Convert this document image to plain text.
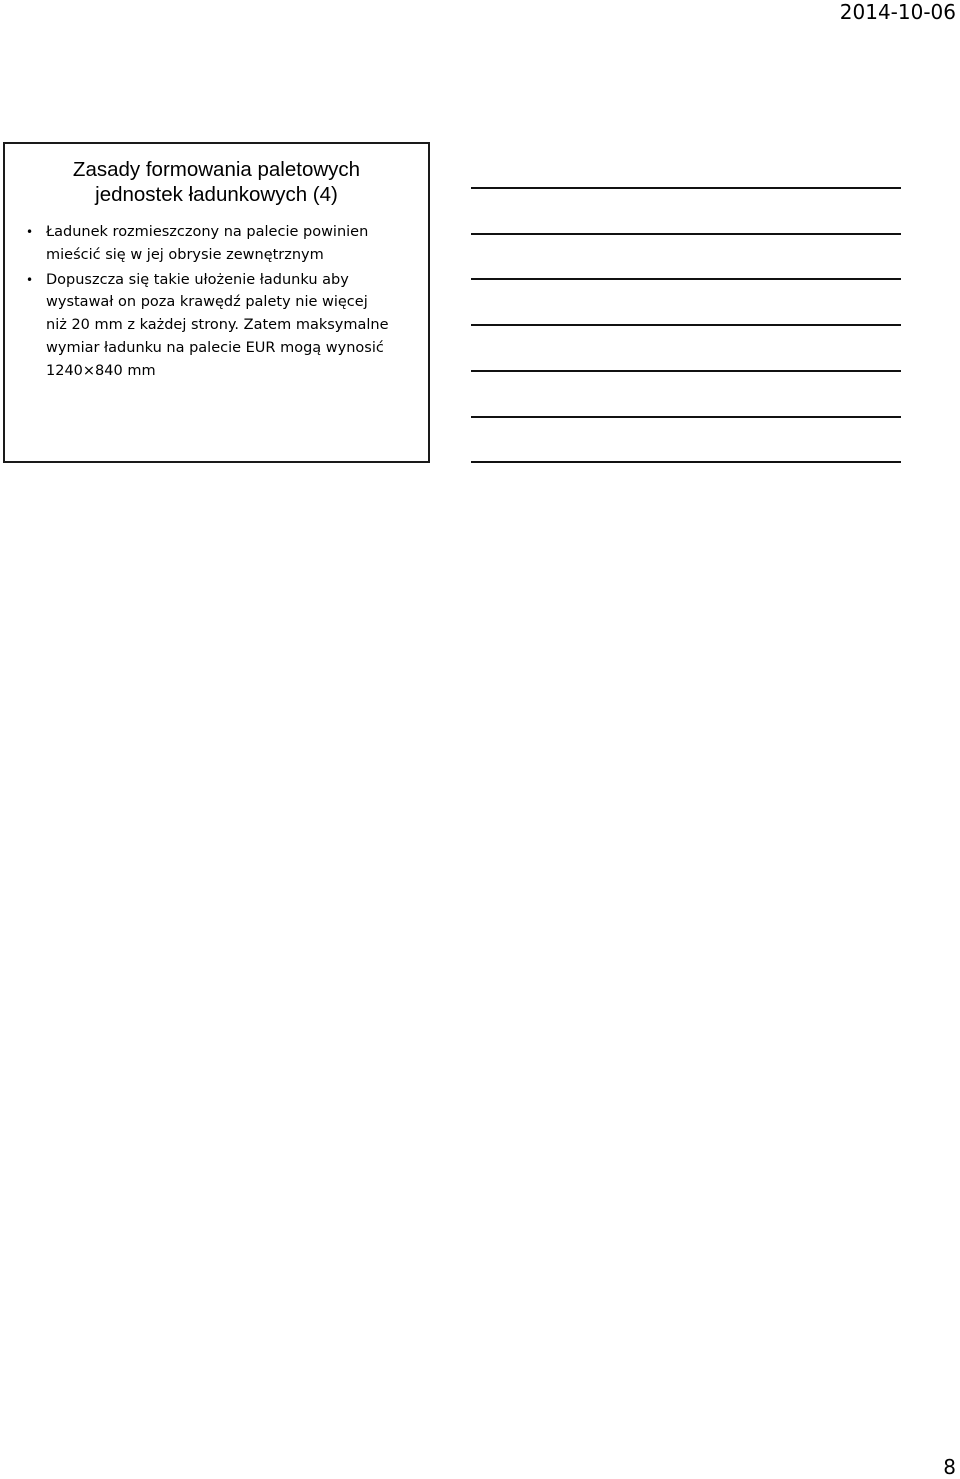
2014-10-06
Zasady formowania paletowych
jednostek ładunkowych (4)
• Ładunek rozmieszczony na palecie powinien
mieścić się w jej obrysie zewnętrznym
• Dopuszcza się takie ułożenie ładunku aby
wystawał on poza krawędź palety nie więcej
niż 20 mm z każdej strony. Zatem maksymalne
wymiar ładunku na palecie EUR mogą wynosić
1240×840 mm
8
